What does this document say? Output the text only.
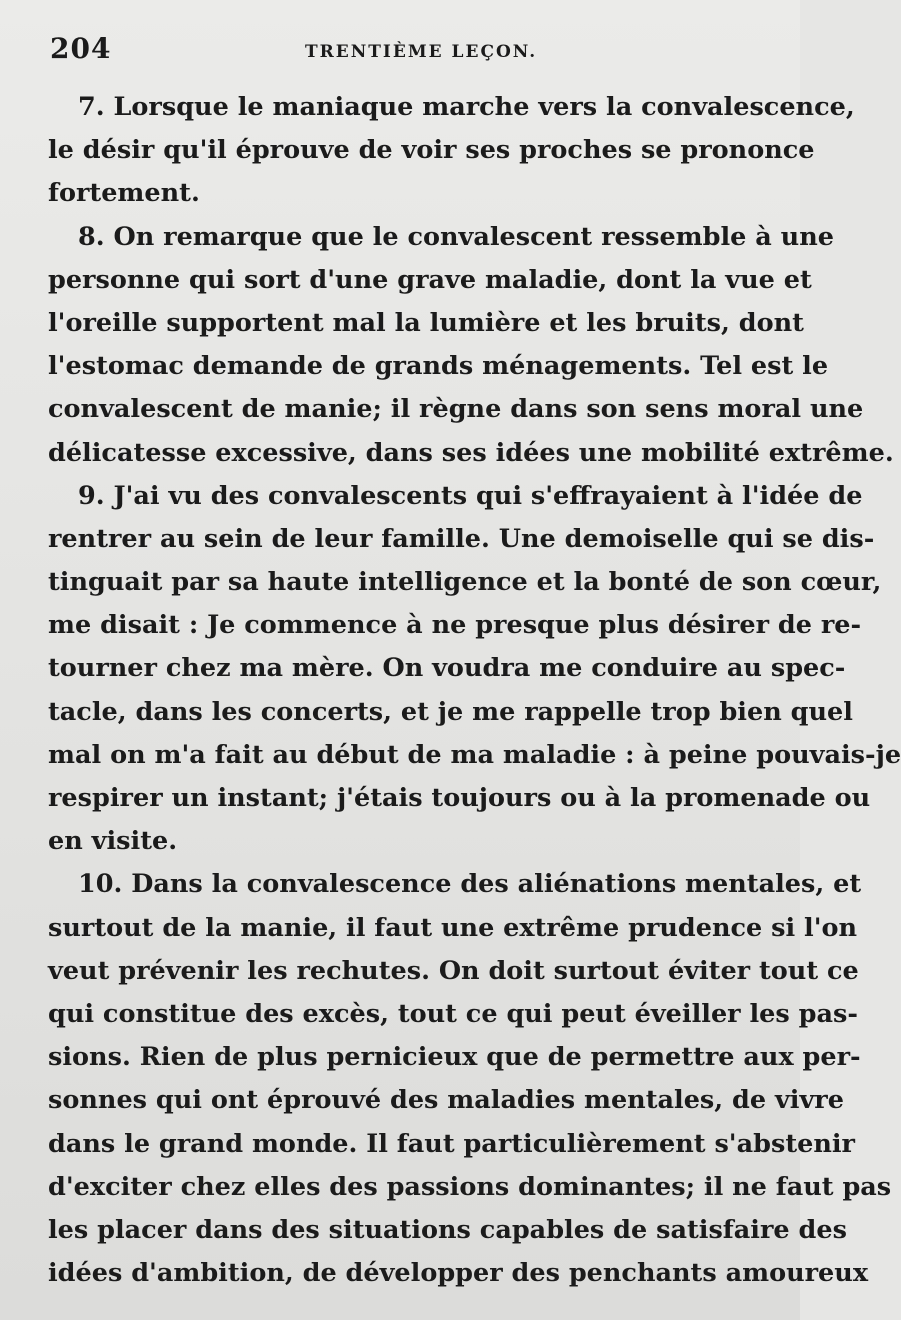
204	TRENTIÈME LEÇON.
7. Lorsque le maniaque marche vers la convalescence,
le désir qu'il éprouve de voir ses proches se prononce
fortement.
8. On remarque que le convalescent ressemble à une
personne qui sort d'une grave maladie, dont la vue et
l'oreille supportent mal la lumière et les bruits, dont
l'estomac demande de grands ménagements. Tel est le
convalescent de manie; il règne dans son sens moral une
délicatesse excessive, dans ses idées une mobilité extrême.
9. J'ai vu des convalescents qui s'effrayaient à l'idée de
rentrer au sein de leur famille. Une demoiselle qui se dis-
tinguait par sa haute intelligence et la bonté de son cœur,
me disait : Je commence à ne presque plus désirer de re-
tourner chez ma mère. On voudra me conduire au spec-
tacle, dans les concerts, et je me rappelle trop bien quel
mal on m'a fait au début de ma maladie : à peine pouvais-je
respirer un instant; j'étais toujours ou à la promenade ou
en visite.
10. Dans la convalescence des aliénations mentales, et
surtout de la manie, il faut une extrême prudence si l'on
veut prévenir les rechutes. On doit surtout éviter tout ce
qui constitue des excès, tout ce qui peut éveiller les pas-
sions. Rien de plus pernicieux que de permettre aux per-
sonnes qui ont éprouvé des maladies mentales, de vivre
dans le grand monde. Il faut particulièrement s'abstenir
d'exciter chez elles des passions dominantes; il ne faut pas
les placer dans des situations capables de satisfaire des
idées d'ambition, de développer des penchants amoureux
